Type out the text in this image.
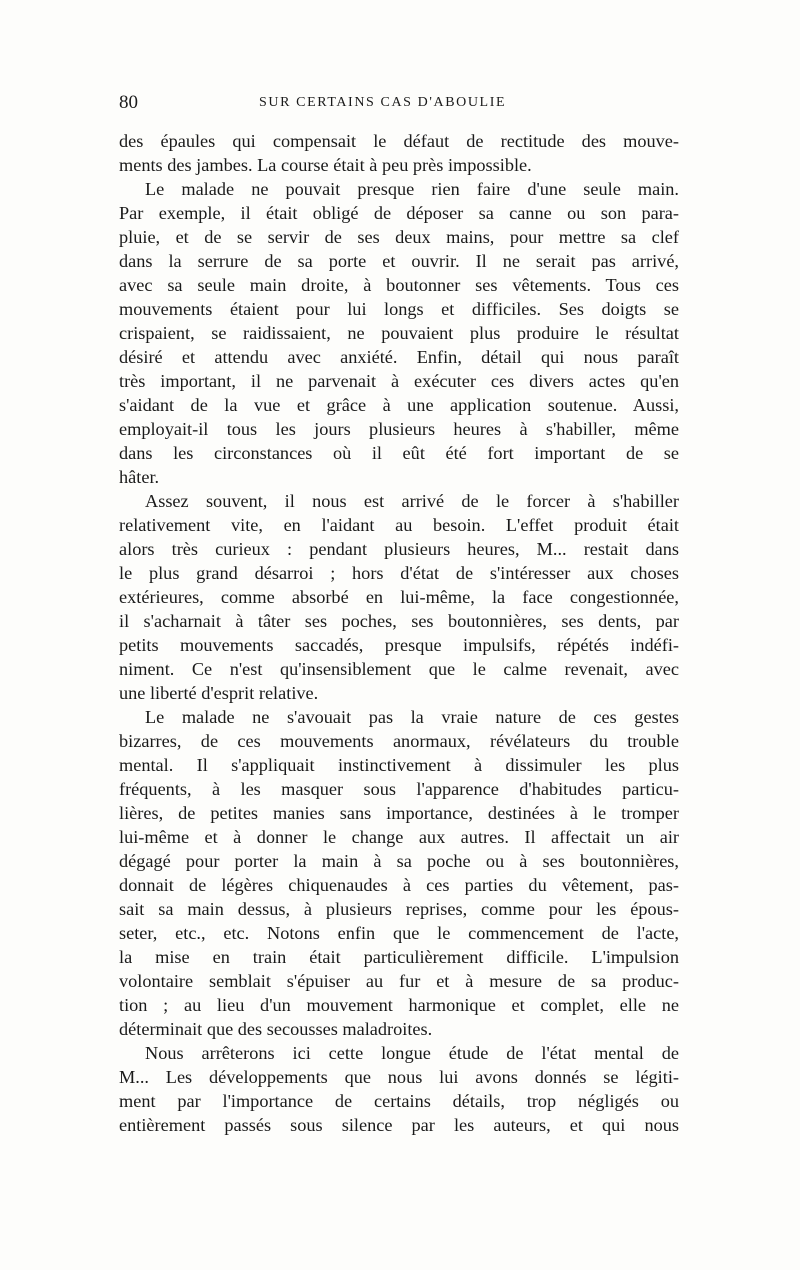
80	SUR CERTAINS CAS D'ABOULIE
des épaules qui compensait le défaut de rectitude des mouve-
ments des jambes. La course était à peu près impossible.
Le malade ne pouvait presque rien faire d'une seule main.
Par exemple, il était obligé de déposer sa canne ou son para-
pluie, et de se servir de ses deux mains, pour mettre sa clef
dans la serrure de sa porte et ouvrir. Il ne serait pas arrivé,
avec sa seule main droite, à boutonner ses vêtements. Tous ces
mouvements étaient pour lui longs et difficiles. Ses doigts se
crispaient, se raidissaient, ne pouvaient plus produire le résultat
désiré et attendu avec anxiété. Enfin, détail qui nous paraît
très important, il ne parvenait à exécuter ces divers actes qu'en
s'aidant de la vue et grâce à une application soutenue. Aussi,
employait-il tous les jours plusieurs heures à s'habiller, même
dans les circonstances où il eût été fort important de se
hâter.
Assez souvent, il nous est arrivé de le forcer à s'habiller
relativement vite, en l'aidant au besoin. L'effet produit était
alors très curieux : pendant plusieurs heures, M... restait dans
le plus grand désarroi ; hors d'état de s'intéresser aux choses
extérieures, comme absorbé en lui-même, la face congestionnée,
il s'acharnait à tâter ses poches, ses boutonnières, ses dents, par
petits mouvements saccadés, presque impulsifs, répétés indéfi-
niment. Ce n'est qu'insensiblement que le calme revenait, avec
une liberté d'esprit relative.
Le malade ne s'avouait pas la vraie nature de ces gestes
bizarres, de ces mouvements anormaux, révélateurs du trouble
mental. Il s'appliquait instinctivement à dissimuler les plus
fréquents, à les masquer sous l'apparence d'habitudes particu-
lières, de petites manies sans importance, destinées à le tromper
lui-même et à donner le change aux autres. Il affectait un air
dégagé pour porter la main à sa poche ou à ses boutonnières,
donnait de légères chiquenaudes à ces parties du vêtement, pas-
sait sa main dessus, à plusieurs reprises, comme pour les épous-
seter, etc., etc. Notons enfin que le commencement de l'acte,
la mise en train était particulièrement difficile. L'impulsion
volontaire semblait s'épuiser au fur et à mesure de sa produc-
tion ; au lieu d'un mouvement harmonique et complet, elle ne
déterminait que des secousses maladroites.
Nous arrêterons ici cette longue étude de l'état mental de
M... Les développements que nous lui avons donnés se légiti-
ment par l'importance de certains détails, trop négligés ou
entièrement passés sous silence par les auteurs, et qui nous
